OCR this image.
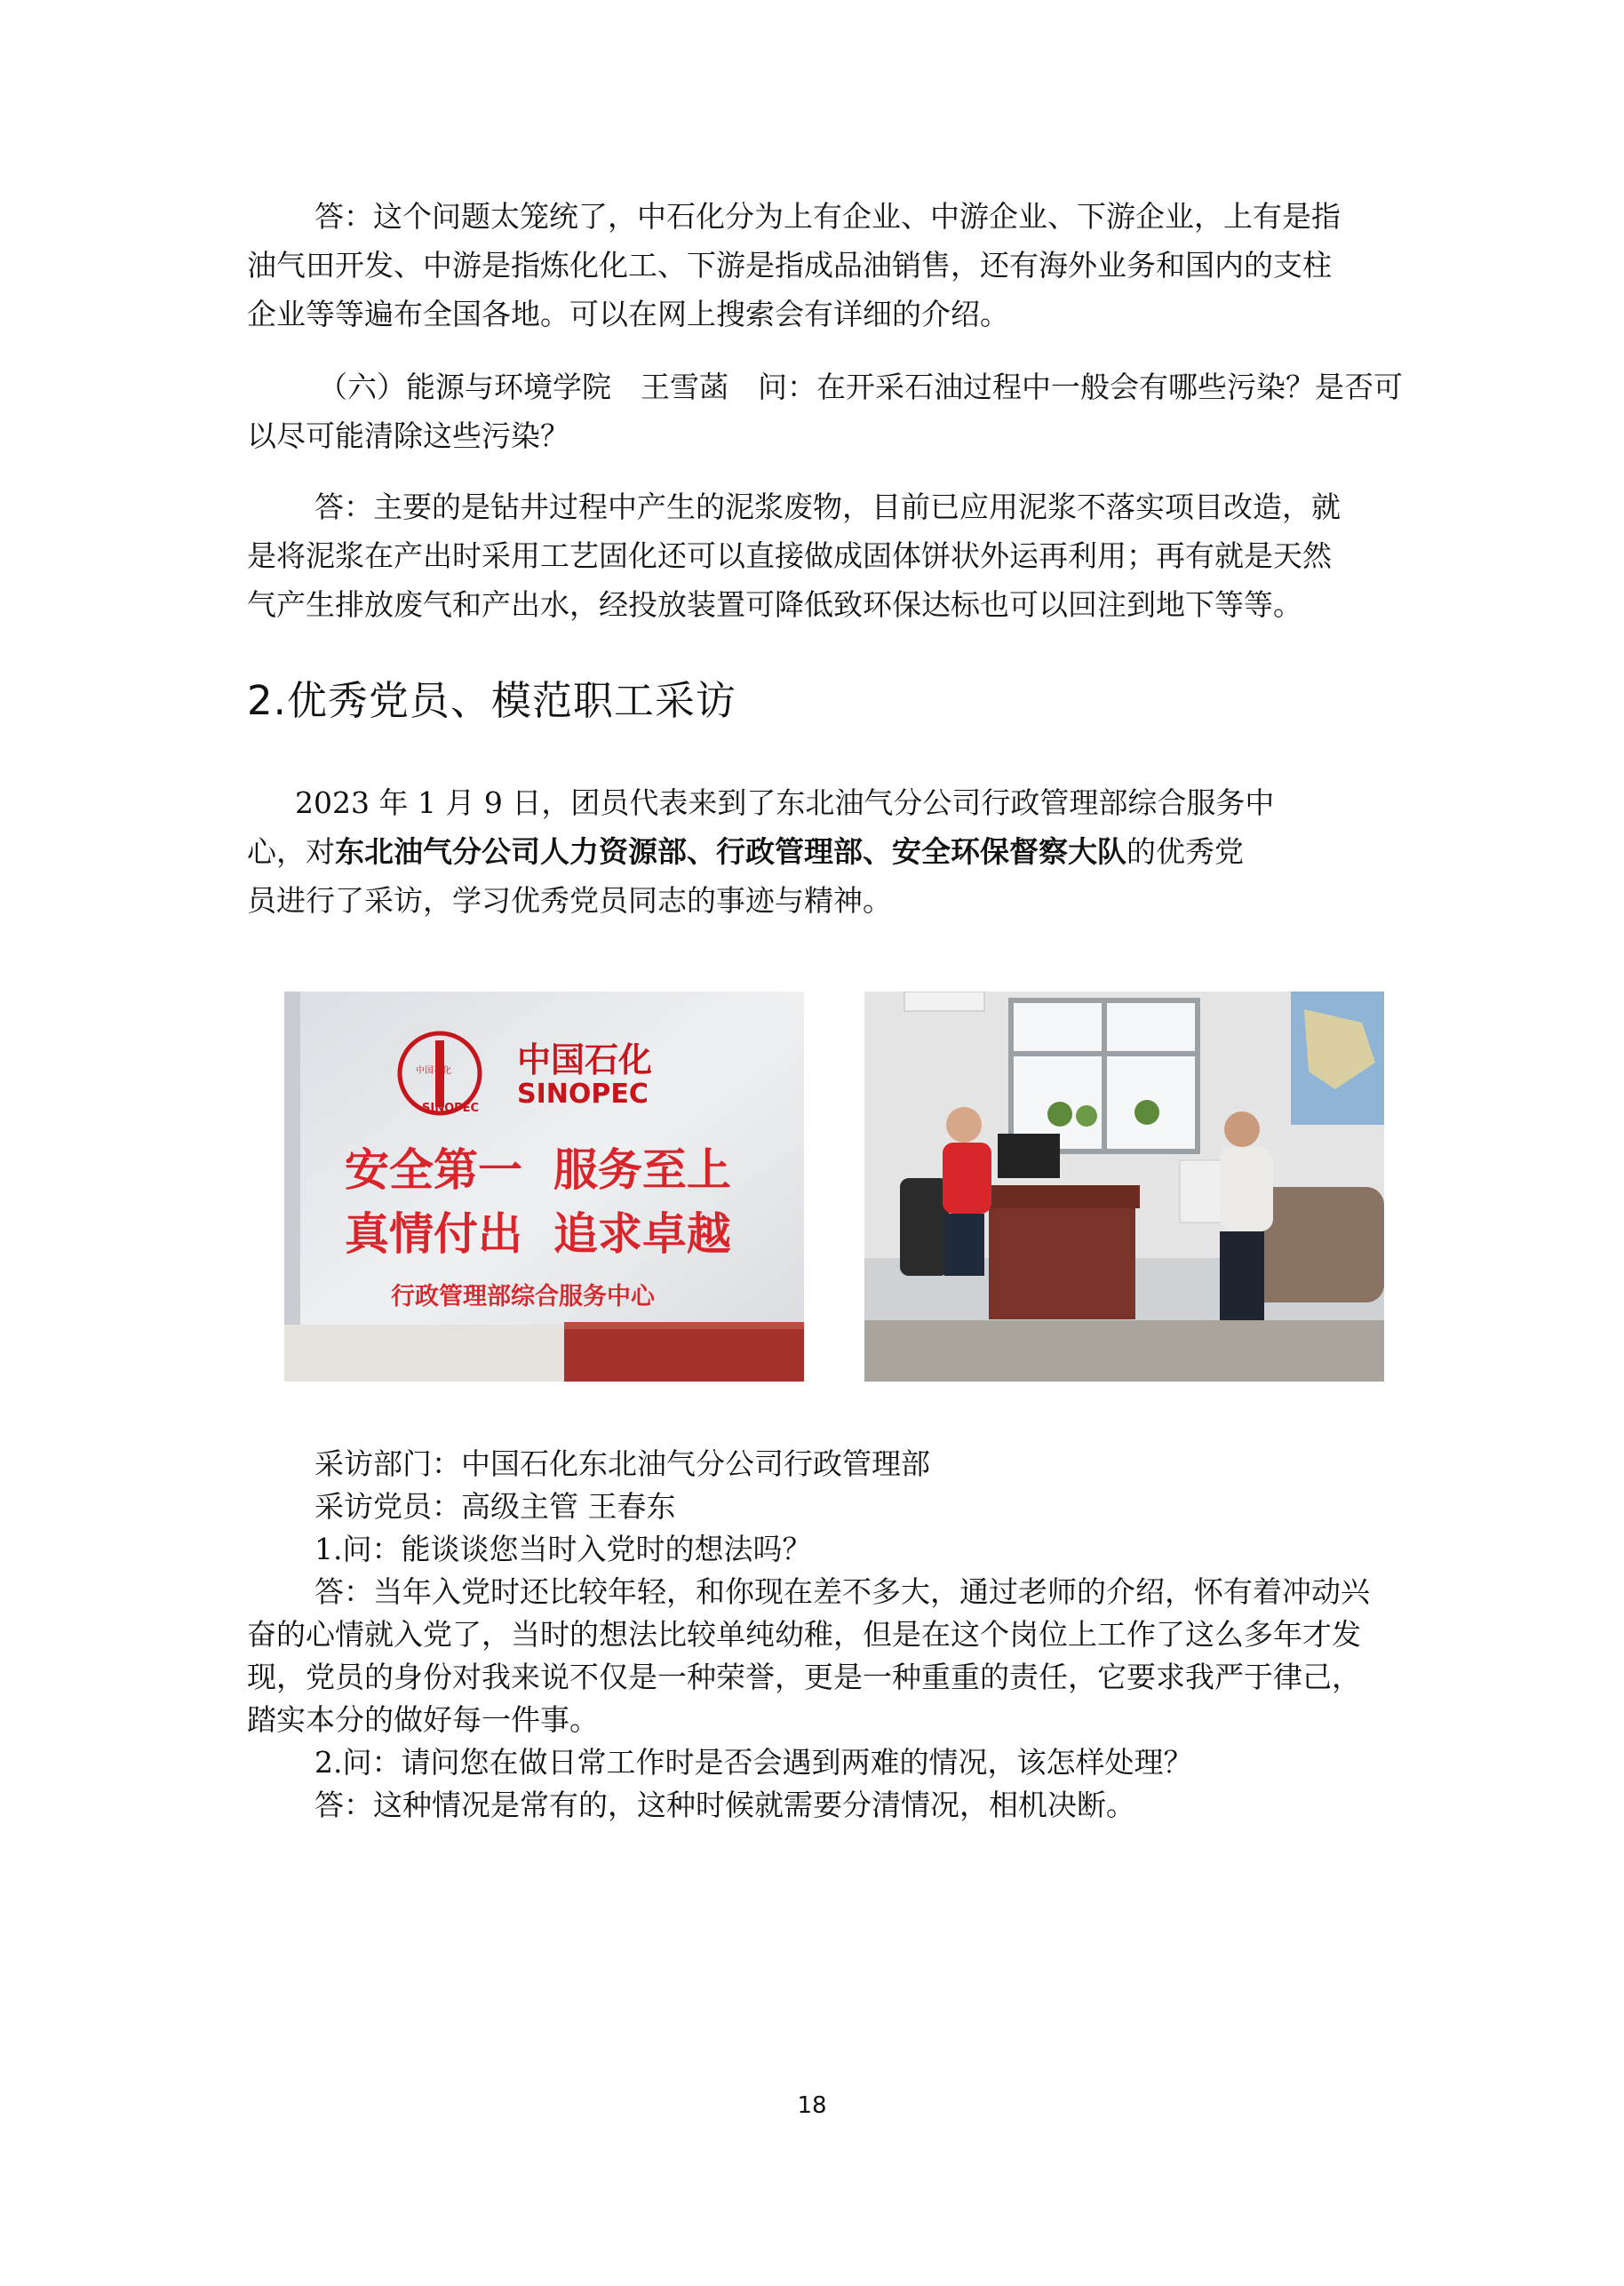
答：这个问题太笼统了，中石化分为上有企业、中游企业、下游企业，上有是指
油气田开发、中游是指炼化化工、下游是指成品油销售，还有海外业务和国内的支柱
企业等等遍布全国各地。可以在网上搜索会有详细的介绍。
（六）能源与环境学院　王雪菡　问：在开采石油过程中一般会有哪些污染？是否可
以尽可能清除这些污染？
答：主要的是钻井过程中产生的泥浆废物，目前已应用泥浆不落实项目改造，就
是将泥浆在产出时采用工艺固化还可以直接做成固体饼状外运再利用；再有就是天然
气产生排放废气和产出水，经投放装置可降低致环保达标也可以回注到地下等等。
2.优秀党员、模范职工采访
2023 年 1 月 9 日，团员代表来到了东北油气分公司行政管理部综合服务中
心，对东北油气分公司人力资源部、行政管理部、安全环保督察大队的优秀党
员进行了采访，学习优秀党员同志的事迹与精神。
中国石化
SINOPEC
中国石化
SINOPEC
安全第一  服务至上
真情付出  追求卓越
行政管理部综合服务中心
采访部门：中国石化东北油气分公司行政管理部
采访党员：高级主管 王春东
1.问：能谈谈您当时入党时的想法吗？
答：当年入党时还比较年轻，和你现在差不多大，通过老师的介绍，怀有着冲动兴
奋的心情就入党了，当时的想法比较单纯幼稚，但是在这个岗位上工作了这么多年才发
现，党员的身份对我来说不仅是一种荣誉，更是一种重重的责任，它要求我严于律己，
踏实本分的做好每一件事。
2.问：请问您在做日常工作时是否会遇到两难的情况，该怎样处理？
答：这种情况是常有的，这种时候就需要分清情况，相机决断。
18
